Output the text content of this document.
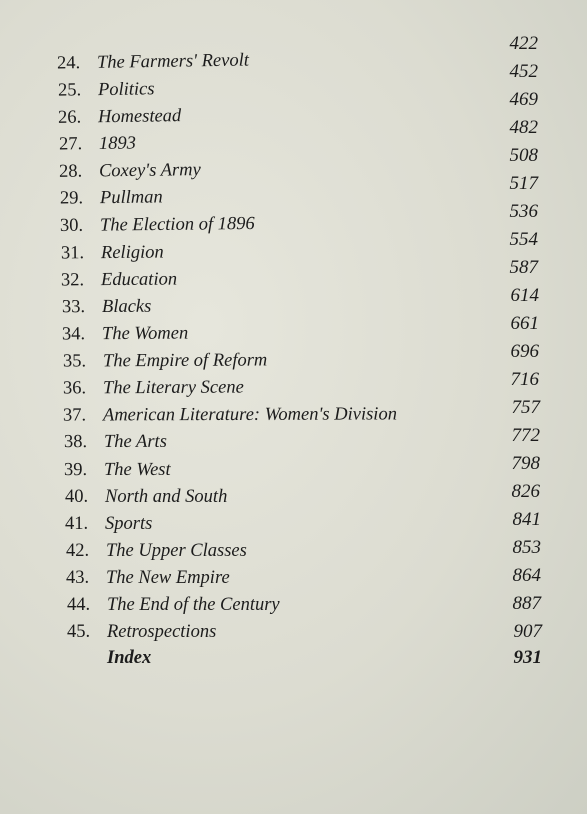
422
452
469
482
508
517
536
554
587
614
661
696
716
757
772
798
826
841
853
864
887
907
931
24. The Farmers' Revolt
25. Politics
26. Homestead
27. 1893
28. Coxey's Army
29. Pullman
30. The Election of 1896
31. Religion
32. Education
33. Blacks
34. The Women
35. The Empire of Reform
36. The Literary Scene
37. American Literature: Women's Division
38. The Arts
39. The West
40. North and South
41. Sports
42. The Upper Classes
43. The New Empire
44. The End of the Century
45. Retrospections
Index
